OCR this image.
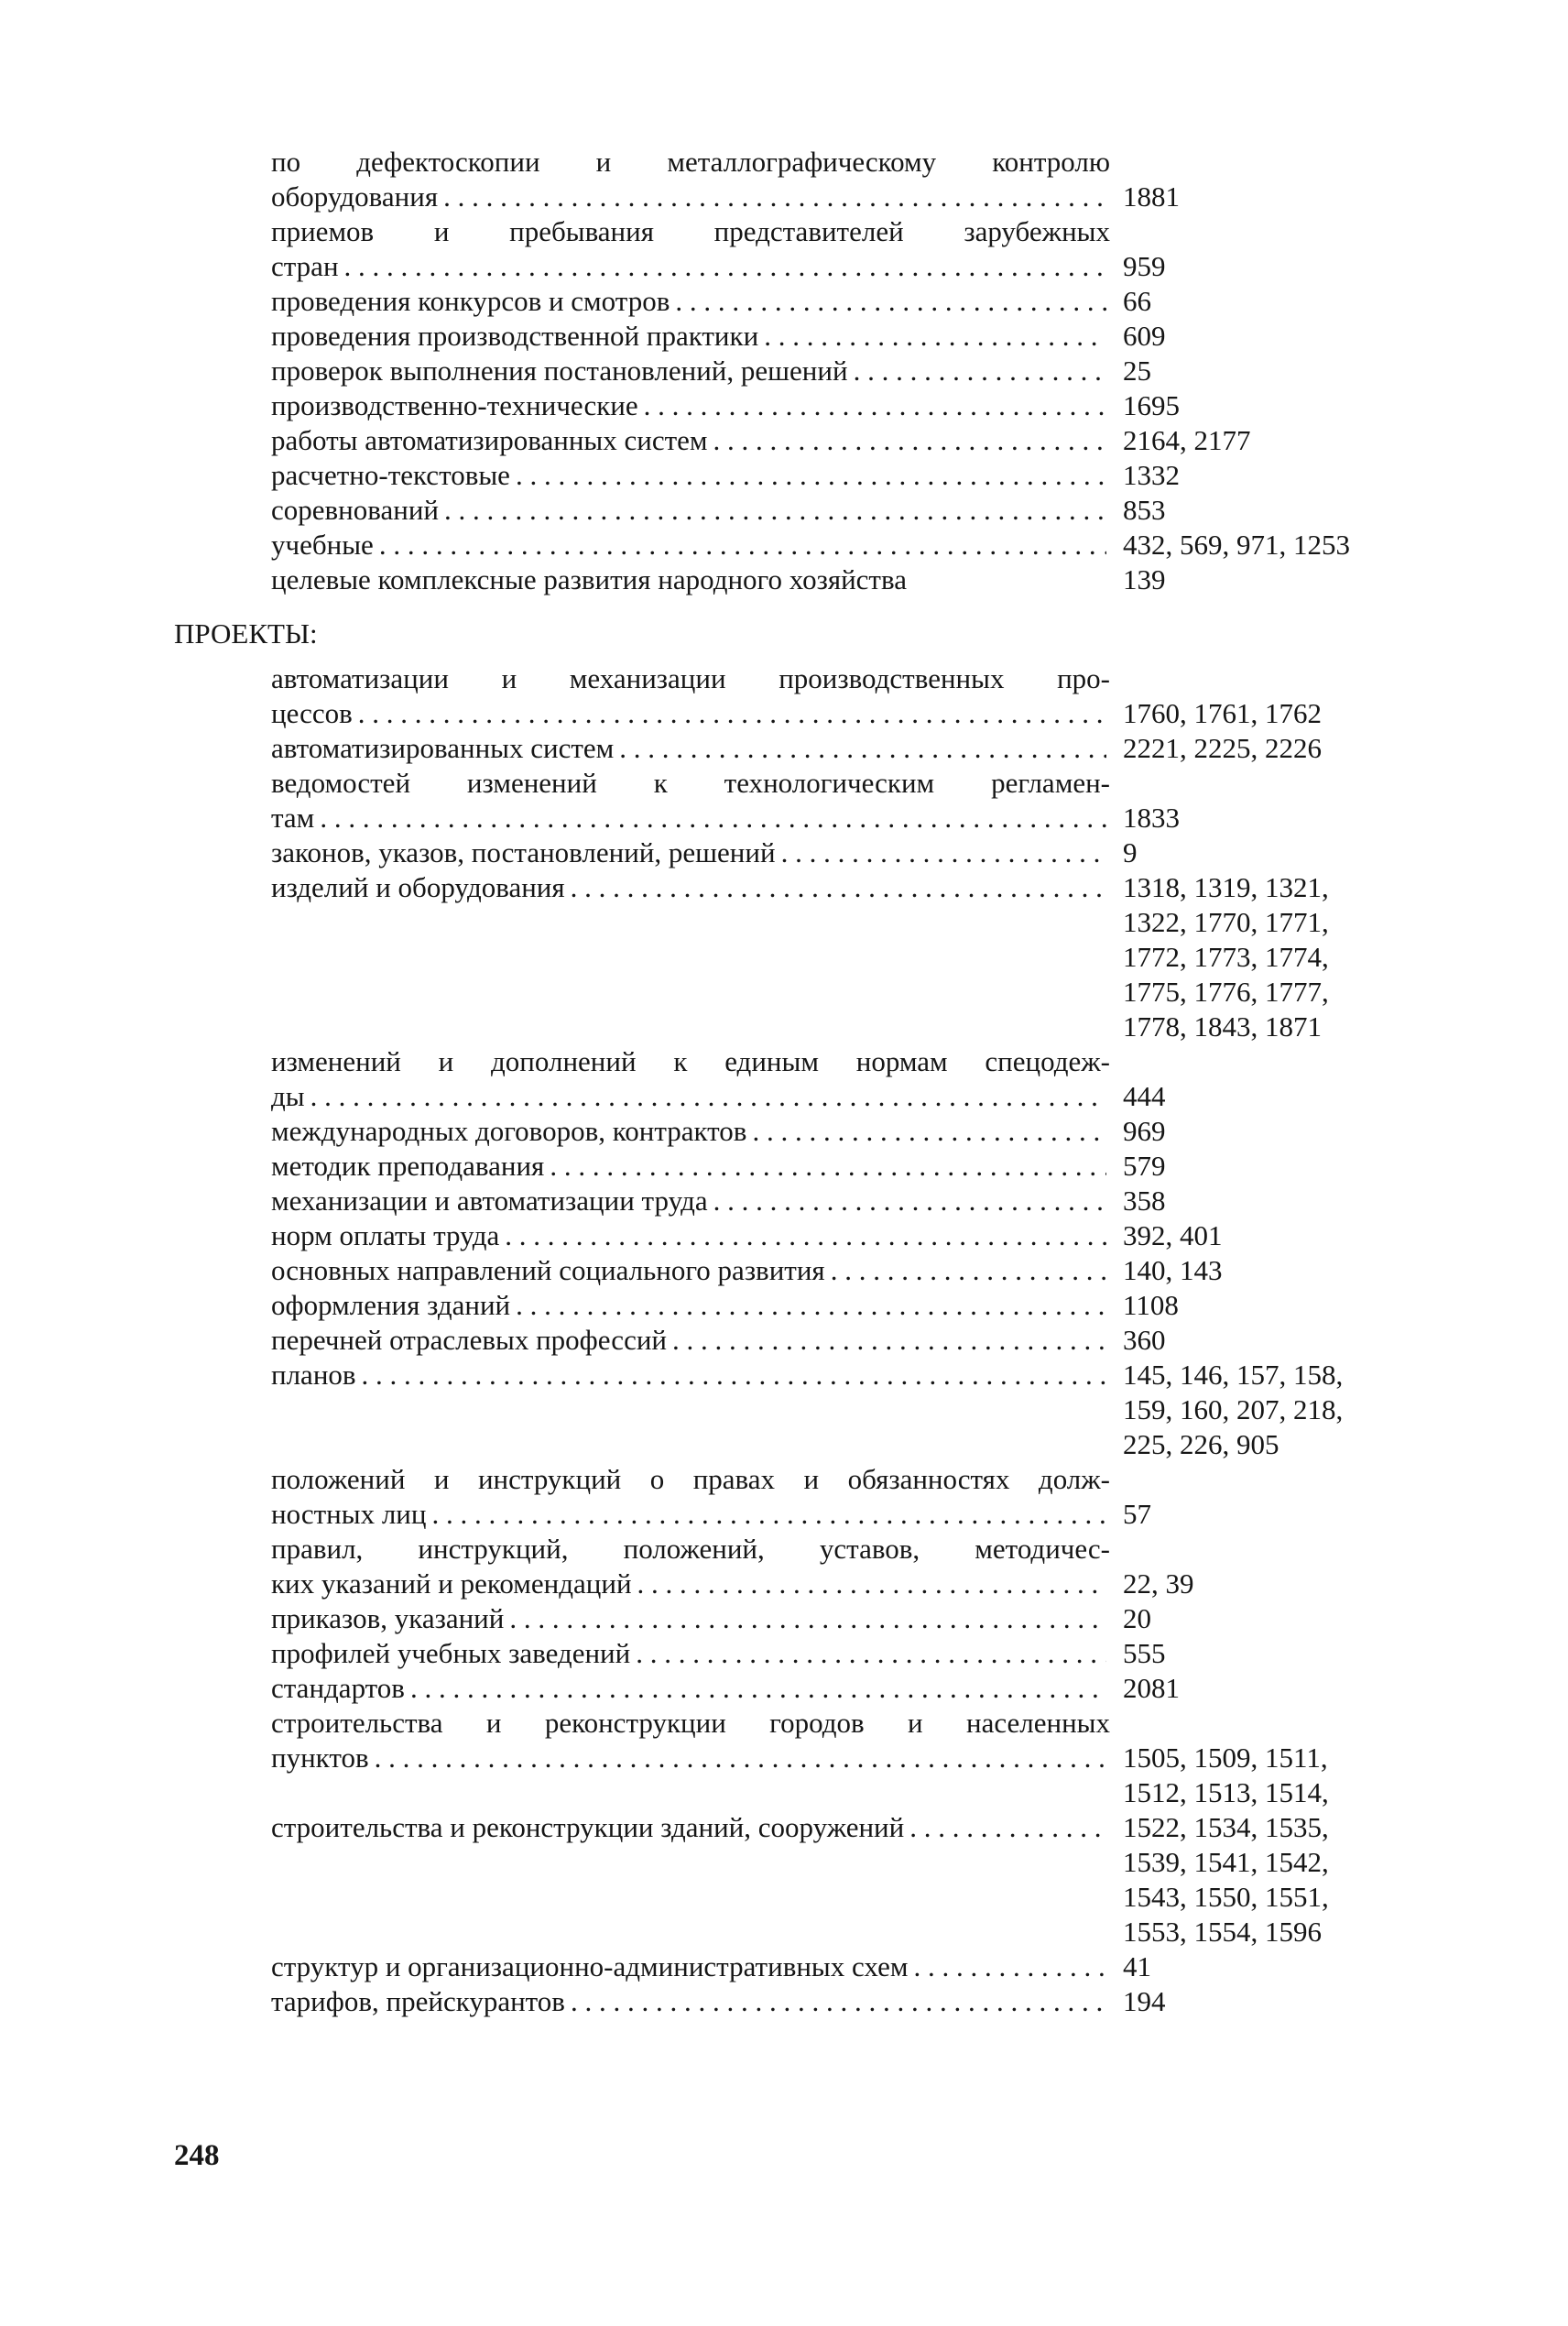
по дефектоскопии и металлографическому контролю
оборудования . . .	1881
приемов и пребывания представителей зарубежных
стран . . .	959
проведения конкурсов и смотров . . .	66
проведения производственной практики . . .	609
проверок выполнения постановлений, решений . . .	25
производственно-технические . . .	1695
работы автоматизированных систем . . .	2164, 2177
расчетно-текстовые . . .	1332
соревнований . . .	853
учебные . . .	432, 569, 971, 1253
целевые комплексные развития народного хозяйства	139
ПРОЕКТЫ:
автоматизации и механизации производственных про-
цессов . . .	1760, 1761, 1762
автоматизированных систем . . .	2221, 2225, 2226
ведомостей изменений к технологическим регламен-
там . . .	1833
законов, указов, постановлений, решений . . .	9
изделий и оборудования . . .	1318, 1319, 1321,
1322, 1770, 1771,
1772, 1773, 1774,
1775, 1776, 1777,
1778, 1843, 1871
изменений и дополнений к единым нормам спецодеж-
ды . . .	444
международных договоров, контрактов . . .	969
методик преподавания . . .	579
механизации и автоматизации труда . . .	358
норм оплаты труда . . .	392, 401
основных направлений социального развития . . .	140, 143
оформления зданий . . .	1108
перечней отраслевых профессий . . .	360
планов . . .	145, 146, 157, 158,
159, 160, 207, 218,
225, 226, 905
положений и инструкций о правах и обязанностях долж-
ностных лиц . . .	57
правил, инструкций, положений, уставов, методичес-
ких указаний и рекомендаций . . .	22, 39
приказов, указаний . . .	20
профилей учебных заведений . . .	555
стандартов . . .	2081
строительства и реконструкции городов и населенных
пунктов . . .	1505, 1509, 1511,
1512, 1513, 1514,
строительства и реконструкции зданий, сооружений . . .	1522, 1534, 1535,
1539, 1541, 1542,
1543, 1550, 1551,
1553, 1554, 1596
структур и организационно-административных схем . . .	41
тарифов, прейскурантов . . .	194
248
